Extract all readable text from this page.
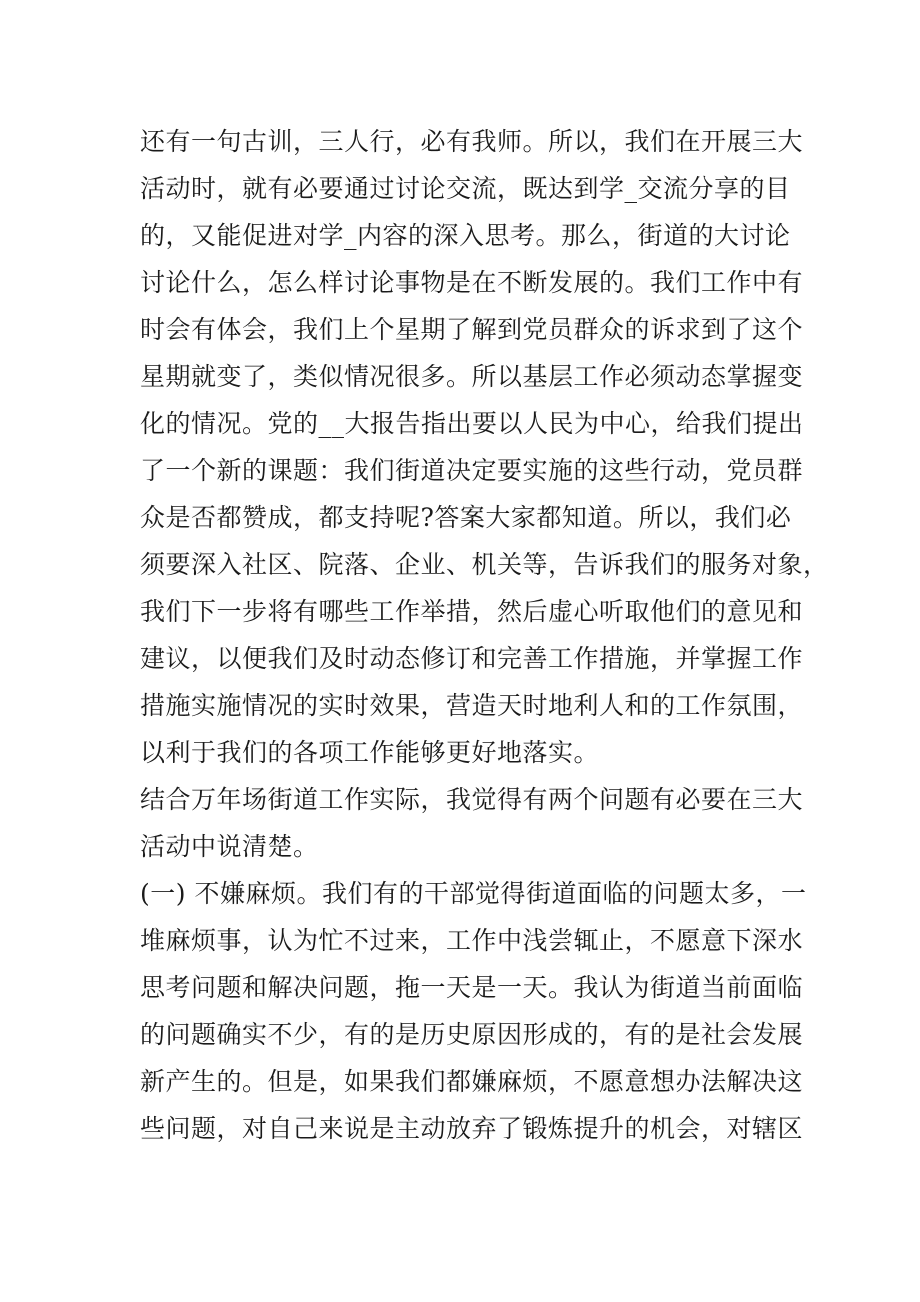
还有一句古训，三人行，必有我师。所以，我们在开展三大
活动时，就有必要通过讨论交流，既达到学_交流分享的目
的，又能促进对学_内容的深入思考。那么，街道的大讨论
讨论什么，怎么样讨论事物是在不断发展的。我们工作中有
时会有体会，我们上个星期了解到党员群众的诉求到了这个
星期就变了，类似情况很多。所以基层工作必须动态掌握变
化的情况。党的__大报告指出要以人民为中心，给我们提出
了一个新的课题：我们街道决定要实施的这些行动，党员群
众是否都赞成，都支持呢?答案大家都知道。所以，我们必
须要深入社区、院落、企业、机关等，告诉我们的服务对象，
我们下一步将有哪些工作举措，然后虚心听取他们的意见和
建议，以便我们及时动态修订和完善工作措施，并掌握工作
措施实施情况的实时效果，营造天时地利人和的工作氛围，
以利于我们的各项工作能够更好地落实。
结合万年场街道工作实际，我觉得有两个问题有必要在三大
活动中说清楚。
(一) 不嫌麻烦。我们有的干部觉得街道面临的问题太多，一
堆麻烦事，认为忙不过来，工作中浅尝辄止，不愿意下深水
思考问题和解决问题，拖一天是一天。我认为街道当前面临
的问题确实不少，有的是历史原因形成的，有的是社会发展
新产生的。但是，如果我们都嫌麻烦，不愿意想办法解决这
些问题，对自己来说是主动放弃了锻炼提升的机会，对辖区
